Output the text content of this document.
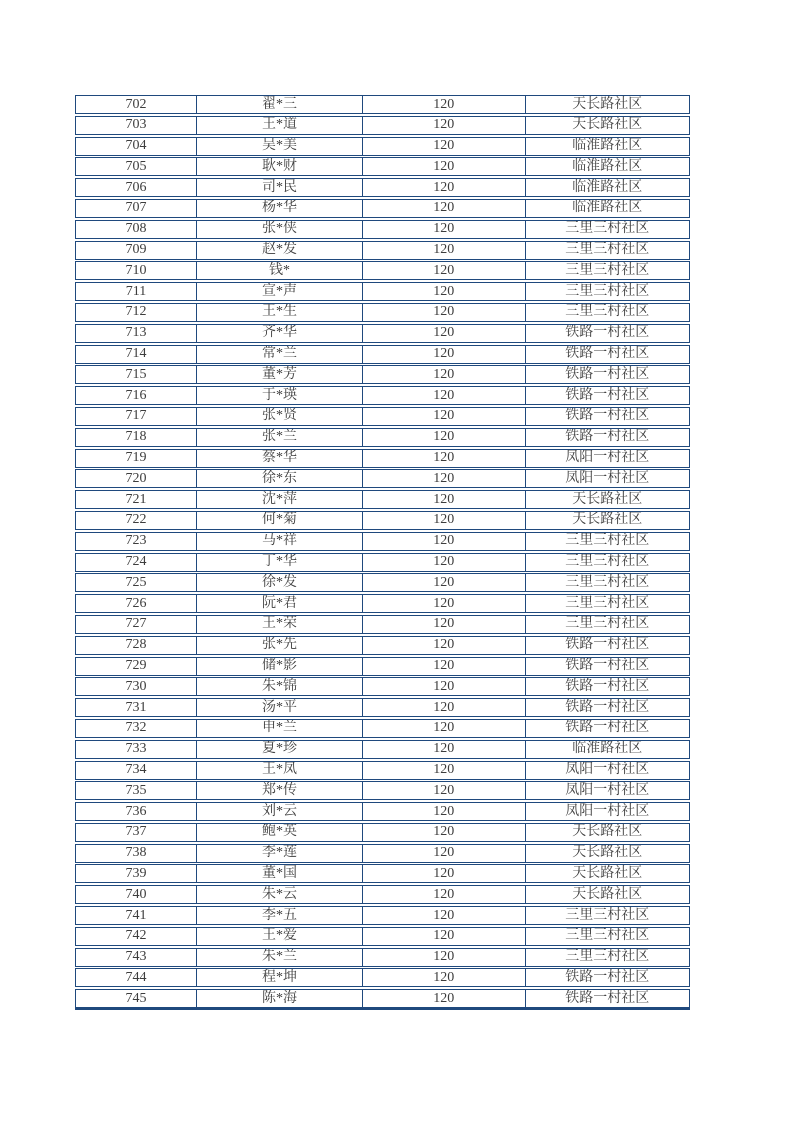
702	翟*三	120	天长路社区
703	王*道	120	天长路社区
704	吴*美	120	临淮路社区
705	耿*财	120	临淮路社区
706	司*民	120	临淮路社区
707	杨*华	120	临淮路社区
708	张*侠	120	三里三村社区
709	赵*发	120	三里三村社区
710	钱*	120	三里三村社区
711	宣*声	120	三里三村社区
712	王*生	120	三里三村社区
713	齐*华	120	铁路一村社区
714	常*兰	120	铁路一村社区
715	董*芳	120	铁路一村社区
716	于*瑛	120	铁路一村社区
717	张*贤	120	铁路一村社区
718	张*兰	120	铁路一村社区
719	蔡*华	120	凤阳一村社区
720	徐*东	120	凤阳一村社区
721	沈*萍	120	天长路社区
722	何*菊	120	天长路社区
723	马*祥	120	三里三村社区
724	丁*华	120	三里三村社区
725	徐*发	120	三里三村社区
726	阮*君	120	三里三村社区
727	王*荣	120	三里三村社区
728	张*先	120	铁路一村社区
729	储*影	120	铁路一村社区
730	朱*锦	120	铁路一村社区
731	汤*平	120	铁路一村社区
732	申*兰	120	铁路一村社区
733	夏*珍	120	临淮路社区
734	王*凤	120	凤阳一村社区
735	郑*传	120	凤阳一村社区
736	刘*云	120	凤阳一村社区
737	鲍*英	120	天长路社区
738	李*莲	120	天长路社区
739	董*国	120	天长路社区
740	朱*云	120	天长路社区
741	李*五	120	三里三村社区
742	王*爱	120	三里三村社区
743	朱*兰	120	三里三村社区
744	程*坤	120	铁路一村社区
745	陈*海	120	铁路一村社区
